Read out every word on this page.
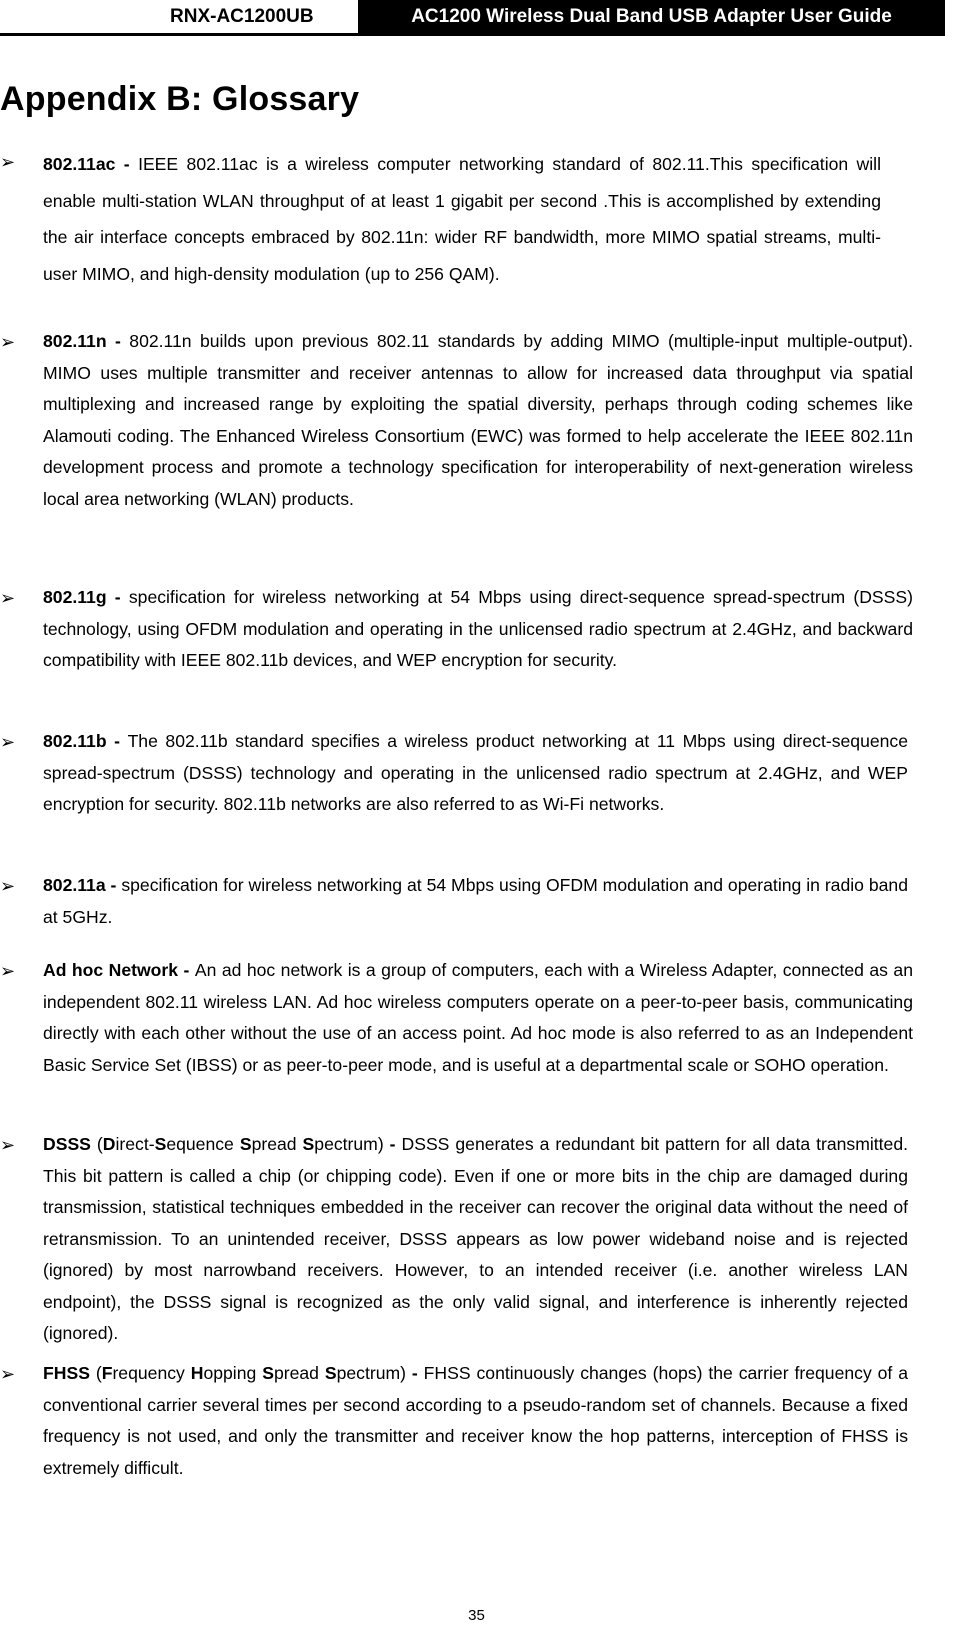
RNX-AC1200UB	AC1200 Wireless Dual Band USB Adapter User Guide
Appendix B: Glossary
➢ 802.11ac - IEEE 802.11ac is a wireless computer networking standard of 802.11.This specification will enable multi-station WLAN throughput of at least 1 gigabit per second .This is accomplished by extending the air interface concepts embraced by 802.11n: wider RF bandwidth, more MIMO spatial streams, multi-user MIMO, and high-density modulation (up to 256 QAM).
➢ 802.11n - 802.11n builds upon previous 802.11 standards by adding MIMO (multiple-input multiple-output). MIMO uses multiple transmitter and receiver antennas to allow for increased data throughput via spatial multiplexing and increased range by exploiting the spatial diversity, perhaps through coding schemes like Alamouti coding. The Enhanced Wireless Consortium (EWC) was formed to help accelerate the IEEE 802.11n development process and promote a technology specification for interoperability of next-generation wireless local area networking (WLAN) products.
➢ 802.11g - specification for wireless networking at 54 Mbps using direct-sequence spread-spectrum (DSSS) technology, using OFDM modulation and operating in the unlicensed radio spectrum at 2.4GHz, and backward compatibility with IEEE 802.11b devices, and WEP encryption for security.
➢ 802.11b - The 802.11b standard specifies a wireless product networking at 11 Mbps using direct-sequence spread-spectrum (DSSS) technology and operating in the unlicensed radio spectrum at 2.4GHz, and WEP encryption for security. 802.11b networks are also referred to as Wi-Fi networks.
➢ 802.11a - specification for wireless networking at 54 Mbps using OFDM modulation and operating in radio band at 5GHz.
➢ Ad hoc Network - An ad hoc network is a group of computers, each with a Wireless Adapter, connected as an independent 802.11 wireless LAN. Ad hoc wireless computers operate on a peer-to-peer basis, communicating directly with each other without the use of an access point. Ad hoc mode is also referred to as an Independent Basic Service Set (IBSS) or as peer-to-peer mode, and is useful at a departmental scale or SOHO operation.
➢ DSSS (Direct-Sequence Spread Spectrum) - DSSS generates a redundant bit pattern for all data transmitted. This bit pattern is called a chip (or chipping code). Even if one or more bits in the chip are damaged during transmission, statistical techniques embedded in the receiver can recover the original data without the need of retransmission. To an unintended receiver, DSSS appears as low power wideband noise and is rejected (ignored) by most narrowband receivers. However, to an intended receiver (i.e. another wireless LAN endpoint), the DSSS signal is recognized as the only valid signal, and interference is inherently rejected (ignored).
➢ FHSS (Frequency Hopping Spread Spectrum) - FHSS continuously changes (hops) the carrier frequency of a conventional carrier several times per second according to a pseudo-random set of channels. Because a fixed frequency is not used, and only the transmitter and receiver know the hop patterns, interception of FHSS is extremely difficult.
35
